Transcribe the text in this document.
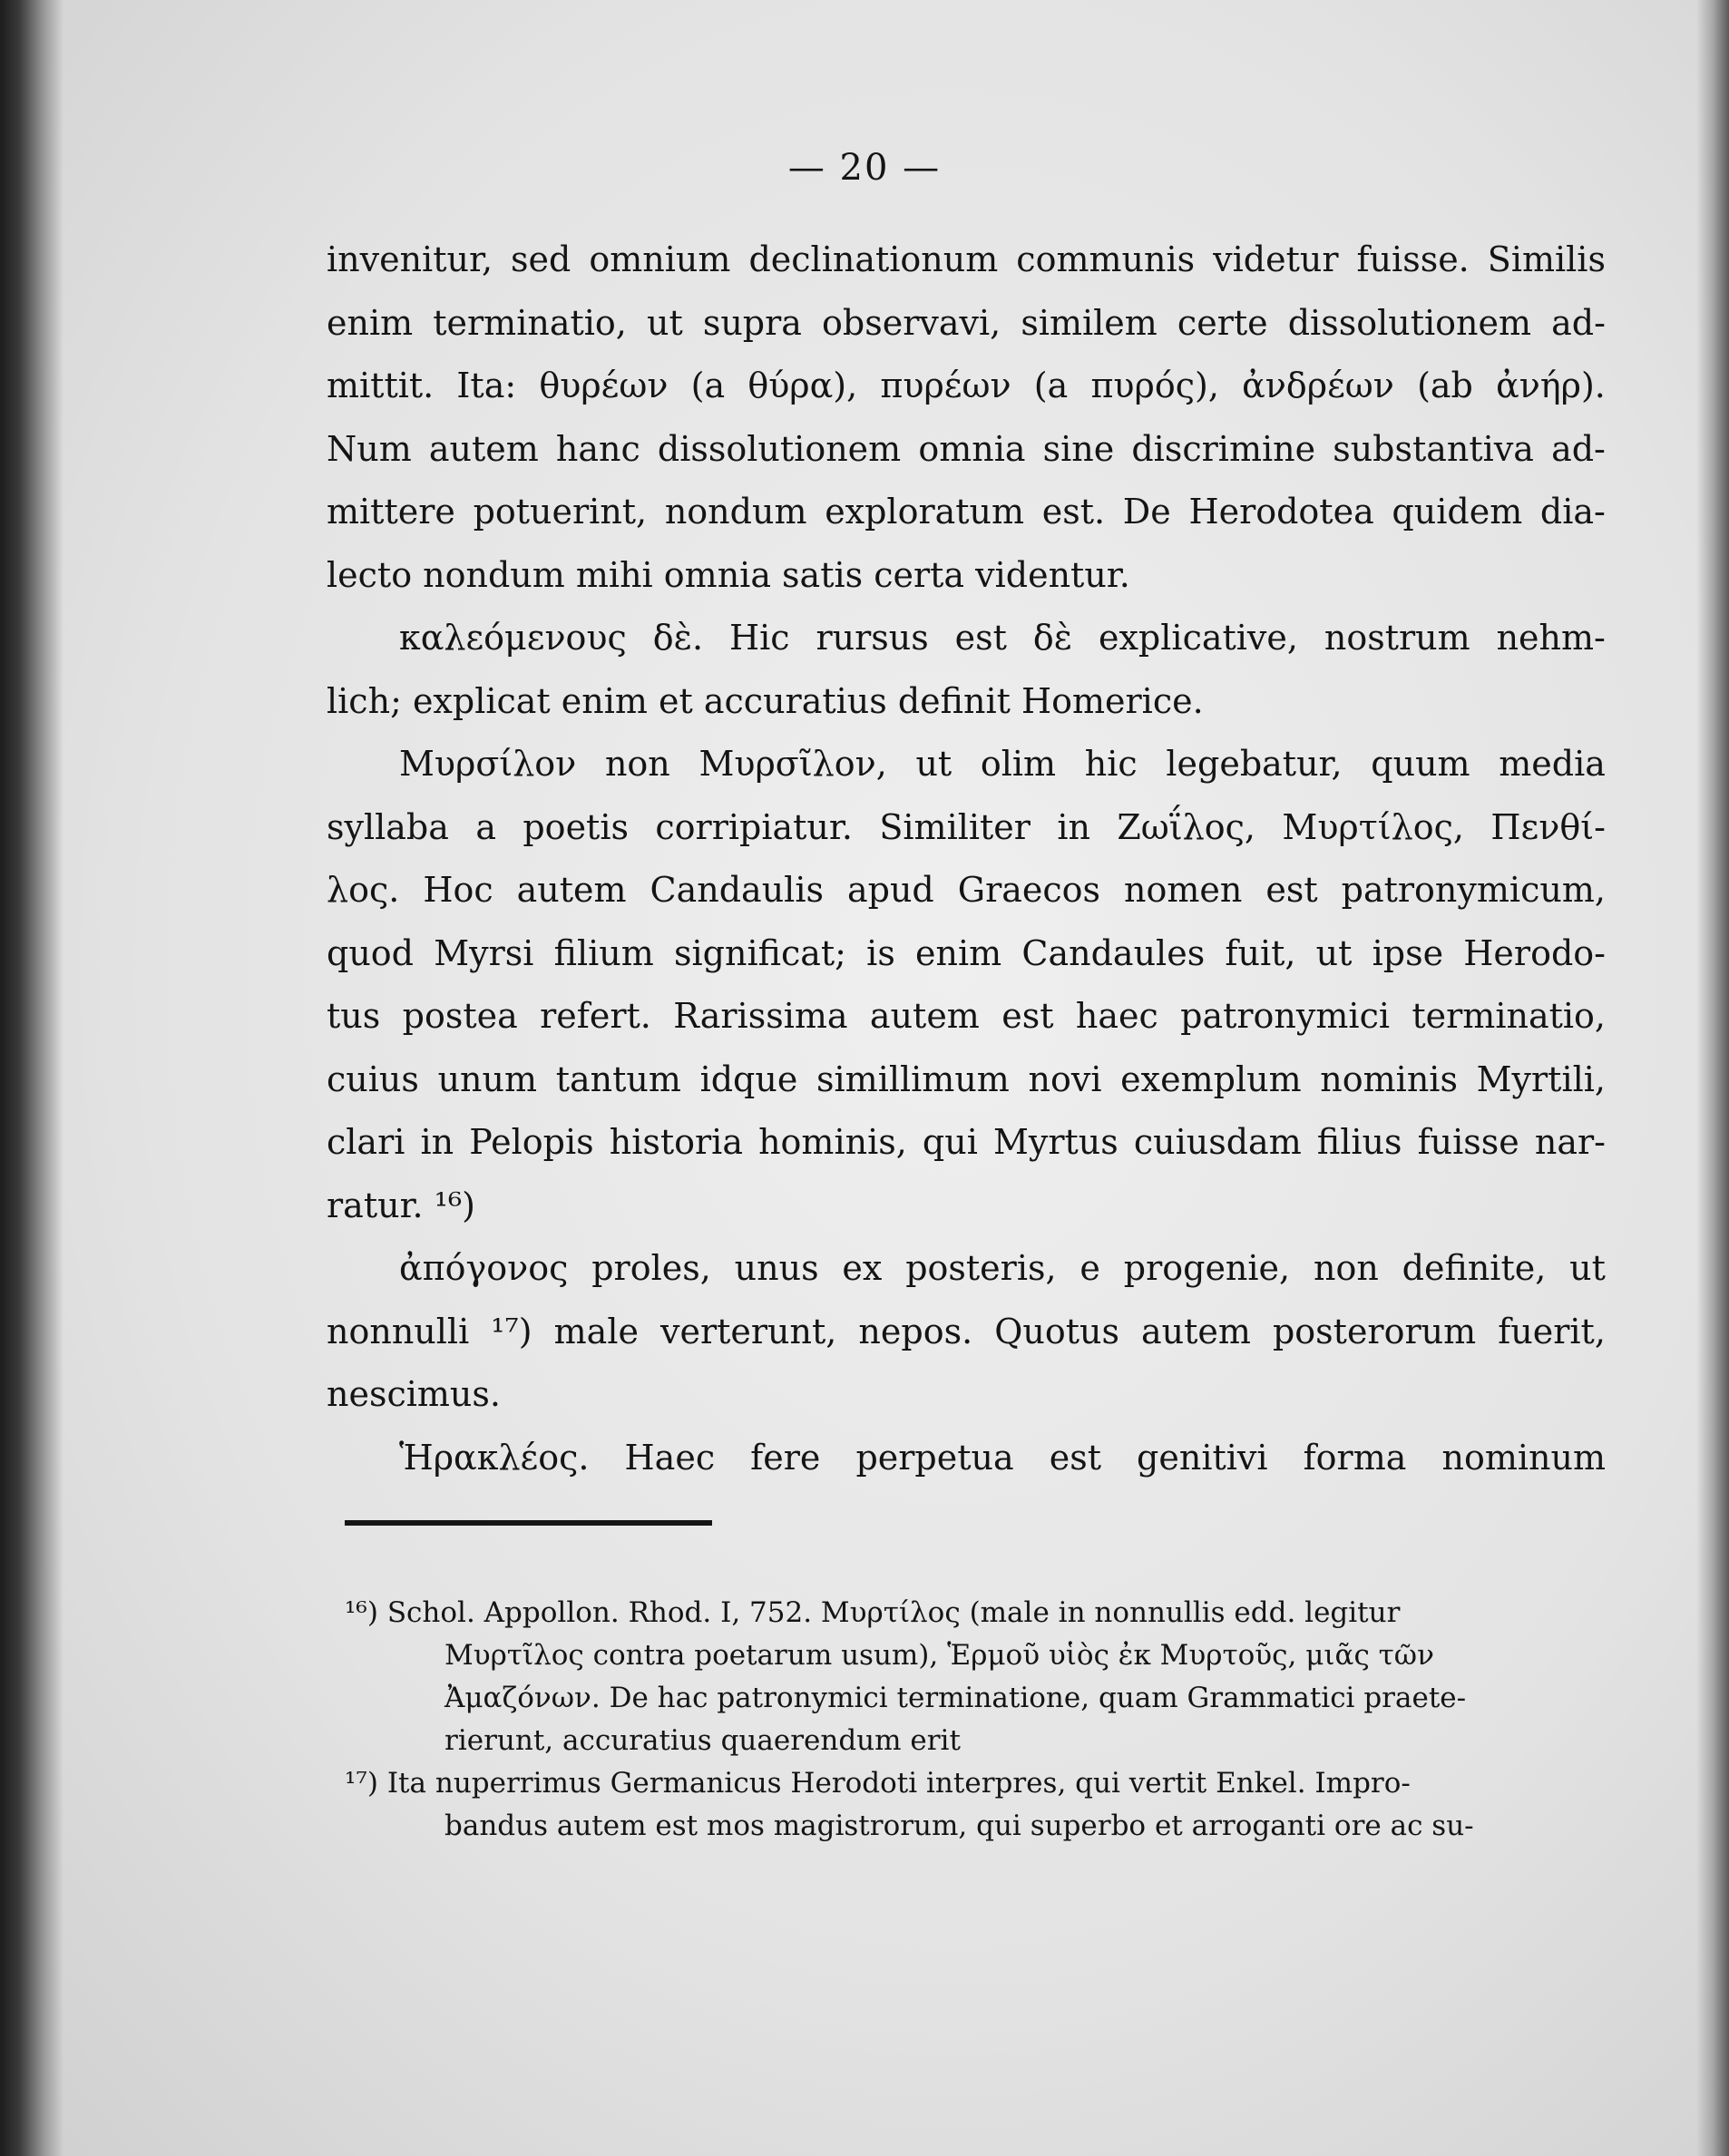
— 20 —
invenitur, sed omnium declinationum communis videtur fuisse. Similis
enim terminatio, ut supra observavi, similem certe dissolutionem ad-
mittit. Ita: θυρέων (a θύρα), πυρέων (a πυρός), ἀνδρέων (ab ἀνήρ).
Num autem hanc dissolutionem omnia sine discrimine substantiva ad-
mittere potuerint, nondum exploratum est. De Herodotea quidem dia-
lecto nondum mihi omnia satis certa videntur.
καλεόμενους δὲ. Hic rursus est δὲ explicative, nostrum nehm-
lich; explicat enim et accuratius definit Homerice.
Μυρσίλον non Μυρσῖλον, ut olim hic legebatur, quum media
syllaba a poetis corripiatur. Similiter in Ζωΐλος, Μυρτίλος, Πενθί-
λος. Hoc autem Candaulis apud Graecos nomen est patronymicum,
quod Myrsi filium significat; is enim Candaules fuit, ut ipse Herodo-
tus postea refert. Rarissima autem est haec patronymici terminatio,
cuius unum tantum idque simillimum novi exemplum nominis Myrtili,
clari in Pelopis historia hominis, qui Myrtus cuiusdam filius fuisse nar-
ratur. ¹⁶)
ἀπόγονος proles, unus ex posteris, e progenie, non definite, ut
nonnulli ¹⁷) male verterunt, nepos. Quotus autem posterorum fuerit,
nescimus.
Ἡρακλέος. Haec fere perpetua est genitivi forma nominum
¹⁶) Schol. Appollon. Rhod. I, 752. Μυρτίλος (male in nonnullis edd. legitur
Μυρτῖλος contra poetarum usum), Ἑρμοῦ υἱὸς ἐκ Μυρτοῦς, μιᾶς τῶν
Ἀμαζόνων. De hac patronymici terminatione, quam Grammatici praete-
rierunt, accuratius quaerendum erit
¹⁷) Ita nuperrimus Germanicus Herodoti interpres, qui vertit Enkel. Impro-
bandus autem est mos magistrorum, qui superbo et arroganti ore ac su-
